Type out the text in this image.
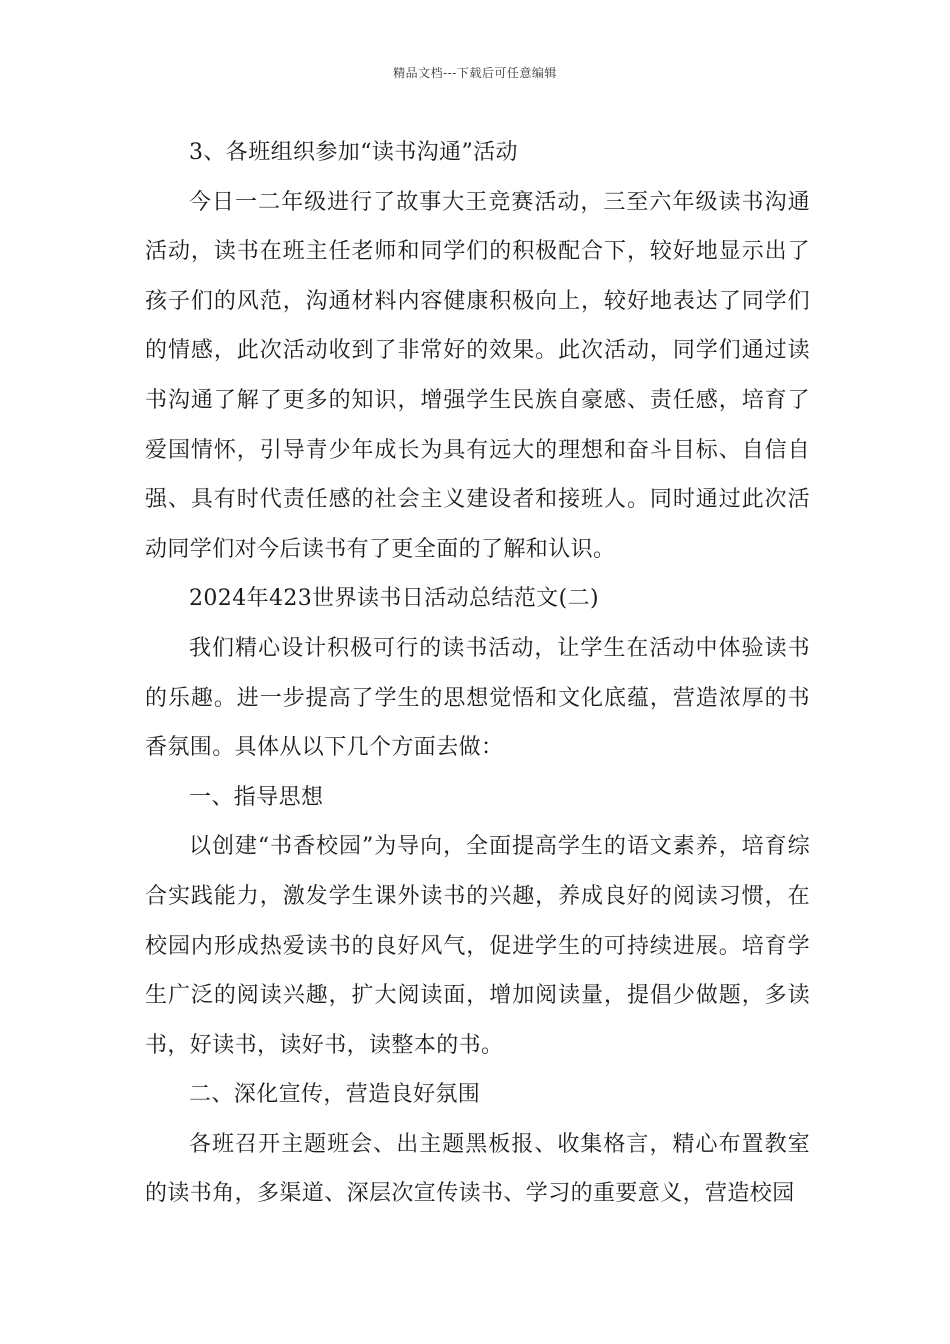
精品文档---下载后可任意编辑

3、各班组织参加“读书沟通”活动

今日一二年级进行了故事大王竞赛活动，三至六年级读书沟通活动，读书在班主任老师和同学们的积极配合下，较好地显示出了孩子们的风范，沟通材料内容健康积极向上，较好地表达了同学们的情感，此次活动收到了非常好的效果。此次活动，同学们通过读书沟通了解了更多的知识，增强学生民族自豪感、责任感，培育了爱国情怀，引导青少年成长为具有远大的理想和奋斗目标、自信自强、具有时代责任感的社会主义建设者和接班人。同时通过此次活动同学们对今后读书有了更全面的了解和认识。

2024年423世界读书日活动总结范文(二)

我们精心设计积极可行的读书活动，让学生在活动中体验读书的乐趣。进一步提高了学生的思想觉悟和文化底蕴，营造浓厚的书香氛围。具体从以下几个方面去做：

一、指导思想

以创建“书香校园”为导向，全面提高学生的语文素养，培育综合实践能力，激发学生课外读书的兴趣，养成良好的阅读习惯，在校园内形成热爱读书的良好风气，促进学生的可持续进展。培育学生广泛的阅读兴趣，扩大阅读面，增加阅读量，提倡少做题，多读书，好读书，读好书，读整本的书。

二、深化宣传，营造良好氛围

各班召开主题班会、出主题黑板报、收集格言，精心布置教室的读书角，多渠道、深层次宣传读书、学习的重要意义，营造校园
